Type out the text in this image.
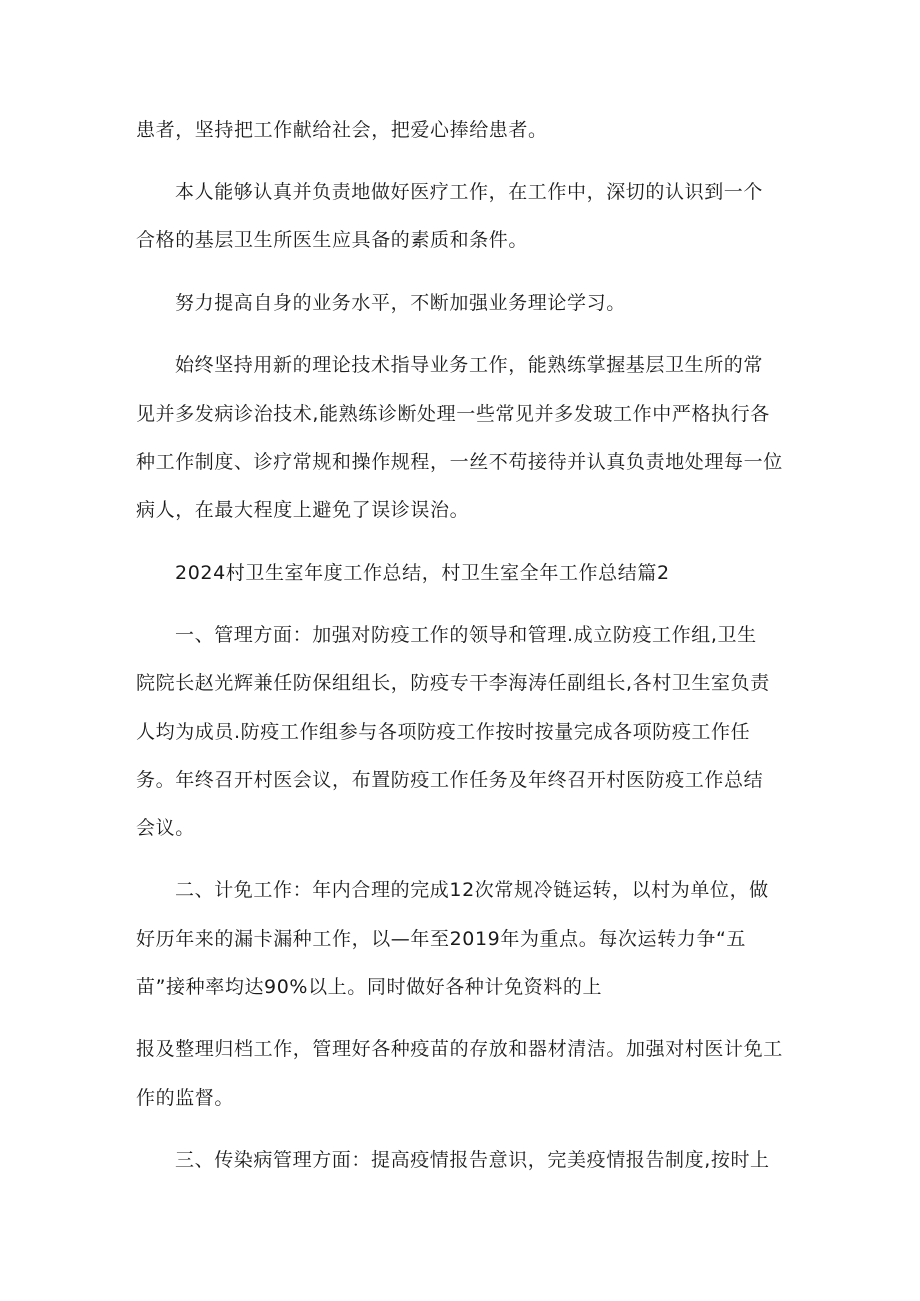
患者，坚持把工作献给社会，把爱心捧给患者。
本人能够认真并负责地做好医疗工作，在工作中，深切的认识到一个
合格的基层卫生所医生应具备的素质和条件。
努力提高自身的业务水平，不断加强业务理论学习。
始终坚持用新的理论技术指导业务工作，能熟练掌握基层卫生所的常
见并多发病诊治技术,能熟练诊断处理一些常见并多发玻工作中严格执行各
种工作制度、诊疗常规和操作规程，一丝不苟接待并认真负责地处理每一位
病人，在最大程度上避免了误诊误治。
2024村卫生室年度工作总结，村卫生室全年工作总结篇2
一、管理方面：加强对防疫工作的领导和管理.成立防疫工作组,卫生
院院长赵光辉兼任防保组组长，防疫专干李海涛任副组长,各村卫生室负责
人均为成员.防疫工作组参与各项防疫工作按时按量完成各项防疫工作任
务。年终召开村医会议，布置防疫工作任务及年终召开村医防疫工作总结
会议。
二、计免工作：年内合理的完成12次常规冷链运转，以村为单位，做
好历年来的漏卡漏种工作，以—年至2019年为重点。每次运转力争“五
苗”接种率均达90%以上。同时做好各种计免资料的上
报及整理归档工作，管理好各种疫苗的存放和器材清洁。加强对村医计免工
作的监督。
三、传染病管理方面：提高疫情报告意识，完美疫情报告制度,按时上
